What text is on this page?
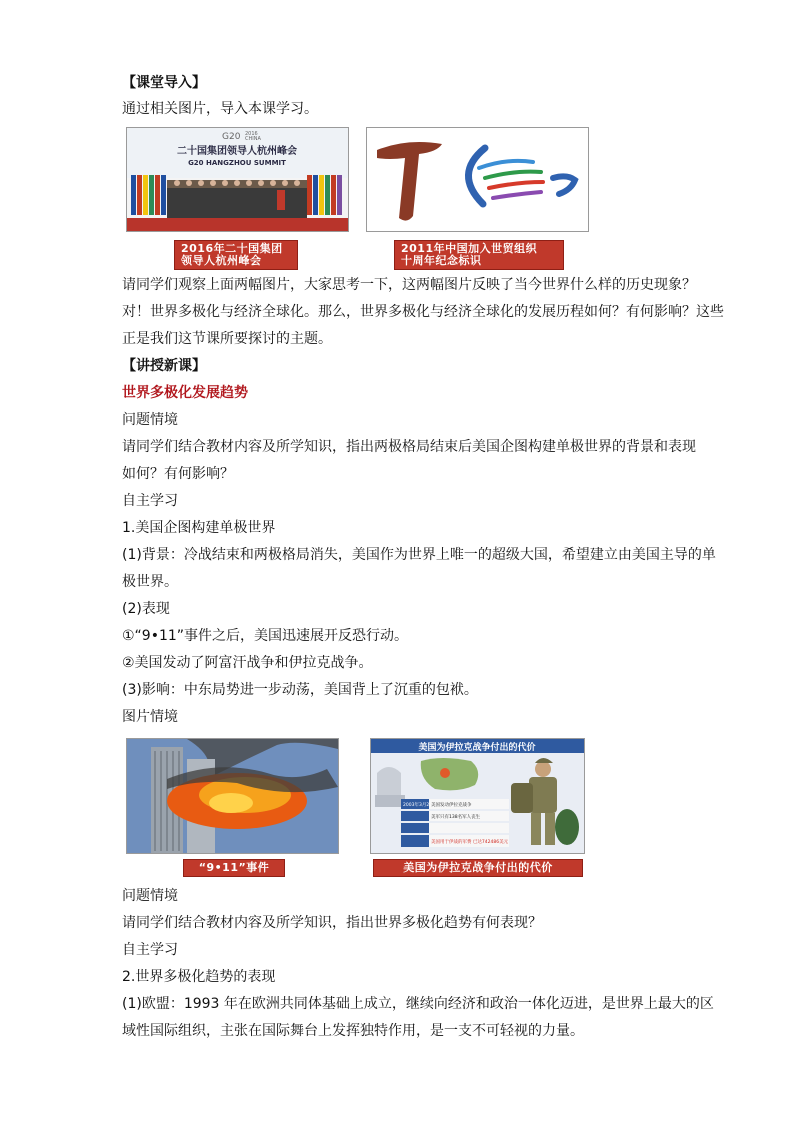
【课堂导入】
通过相关图片，导入本课学习。
G20 2016
CHINA
二十国集团领导人杭州峰会
G20 HANGZHOU SUMMIT
2016年二十国集团
领导人杭州峰会
2011年中国加入世贸组织
十周年纪念标识
请同学们观察上面两幅图片，大家思考一下，这两幅图片反映了当今世界什么样的历史现象？
对！世界多极化与经济全球化。那么，世界多极化与经济全球化的发展历程如何？有何影响？这些
正是我们这节课所要探讨的主题。
【讲授新课】
世界多极化发展趋势
问题情境
请同学们结合教材内容及所学知识，指出两极格局结束后美国企图构建单极世界的背景和表现
如何？有何影响？
自主学习
1.美国企图构建单极世界
(1)背景：冷战结束和两极格局消失，美国作为世界上唯一的超级大国，希望建立由美国主导的单
极世界。
(2)表现
①“9•11”事件之后，美国迅速展开反恐行动。
②美国发动了阿富汗战争和伊拉克战争。
(3)影响：中东局势进一步动荡，美国背上了沉重的包袱。
图片情境
“9•11”事件
美国为伊拉克战争付出的代价
2003年3月20日
美国发动伊拉克战争
美军只有138名军人丧生
美国用于伊战的军费 已达742486美元
美国为伊拉克战争付出的代价
问题情境
请同学们结合教材内容及所学知识，指出世界多极化趋势有何表现？
自主学习
2.世界多极化趋势的表现
(1)欧盟：1993 年在欧洲共同体基础上成立，继续向经济和政治一体化迈进，是世界上最大的区
域性国际组织，主张在国际舞台上发挥独特作用，是一支不可轻视的力量。
